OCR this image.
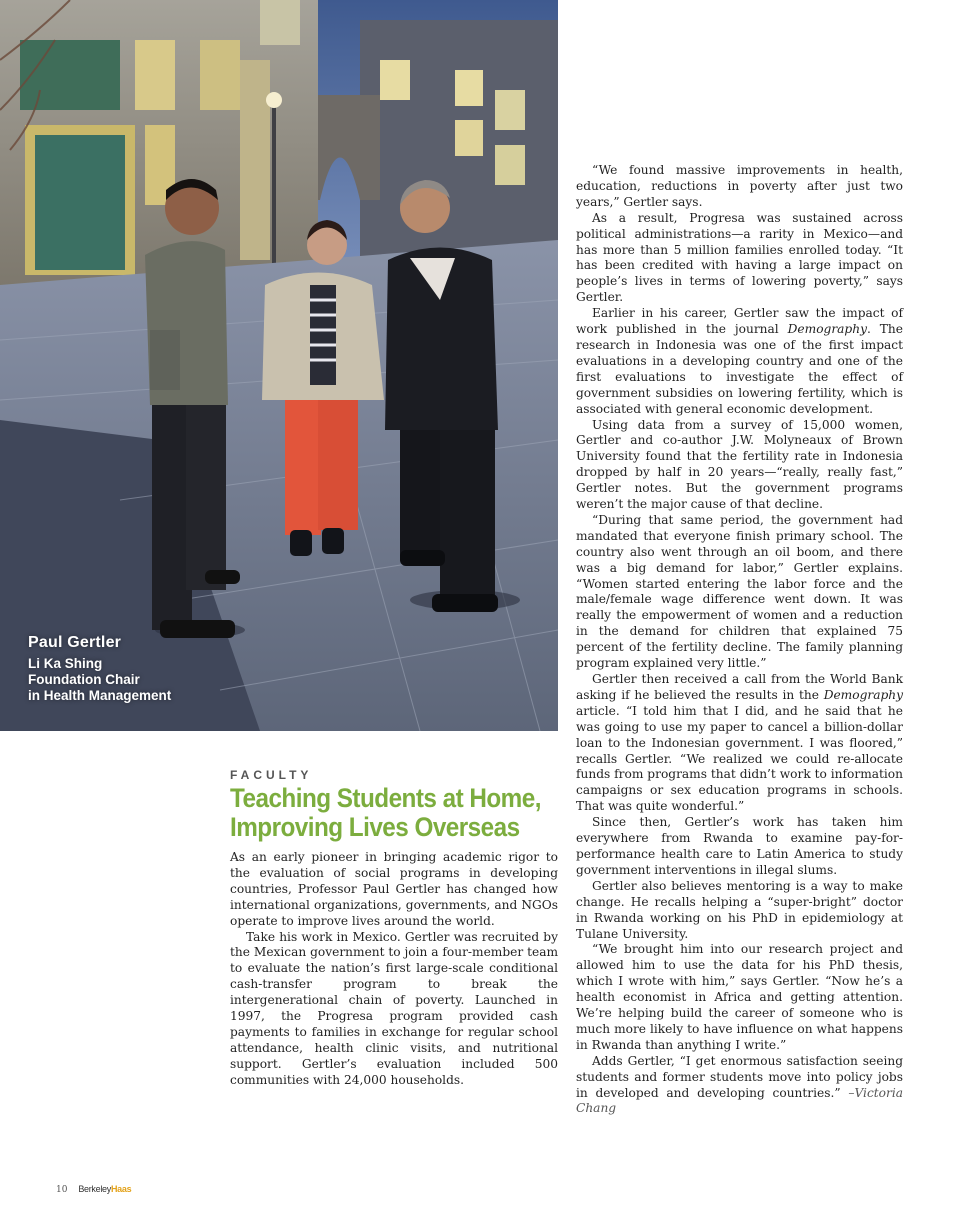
Paul Gertler
Li Ka Shing
Foundation Chair
in Health Management
FACULTY
Teaching Students at Home, Improving Lives Overseas

As an early pioneer in bringing academic rigor to the evaluation of social programs in developing countries, Professor Paul Gertler has changed how international organizations, governments, and NGOs operate to improve lives around the world.

Take his work in Mexico. Gertler was recruited by the Mexican government to join a four-member team to evaluate the nation’s first large-scale conditional cash-transfer program to break the intergenerational chain of poverty. Launched in 1997, the Progresa program provided cash payments to families in exchange for regular school attendance, health clinic visits, and nutritional support. Gertler’s evaluation included 500 communities with 24,000 households.

“We found massive improvements in health, education, reductions in poverty after just two years,” Gertler says.

As a result, Progresa was sustained across political administrations—a rarity in Mexico—and has more than 5 million families enrolled today. “It has been credited with having a large impact on people’s lives in terms of lowering poverty,” says Gertler.

Earlier in his career, Gertler saw the impact of work published in the journal Demography. The research in Indonesia was one of the first impact evaluations in a developing country and one of the first evaluations to investigate the effect of government subsidies on lowering fertility, which is associated with general economic development.

Using data from a survey of 15,000 women, Gertler and co-author J.W. Molyneaux of Brown University found that the fertility rate in Indonesia dropped by half in 20 years—“really, really fast,” Gertler notes. But the government programs weren’t the major cause of that decline.

“During that same period, the government had mandated that everyone finish primary school. The country also went through an oil boom, and there was a big demand for labor,” Gertler explains. “Women started entering the labor force and the male/female wage difference went down. It was really the empowerment of women and a reduction in the demand for children that explained 75 percent of the fertility decline. The family planning program explained very little.”

Gertler then received a call from the World Bank asking if he believed the results in the Demography article. “I told him that I did, and he said that he was going to use my paper to cancel a billion-dollar loan to the Indonesian government. I was floored,” recalls Gertler. “We realized we could re-allocate funds from programs that didn’t work to information campaigns or sex education programs in schools. That was quite wonderful.”

Since then, Gertler’s work has taken him everywhere from Rwanda to examine pay-for-performance health care to Latin America to study government interventions in illegal slums.

Gertler also believes mentoring is a way to make change. He recalls helping a “super-bright” doctor in Rwanda working on his PhD in epidemiology at Tulane University.

“We brought him into our research project and allowed him to use the data for his PhD thesis, which I wrote with him,” says Gertler. “Now he’s a health economist in Africa and getting attention. We’re helping build the career of someone who is much more likely to have influence on what happens in Rwanda than anything I write.”

Adds Gertler, “I get enormous satisfaction seeing students and former students move into policy jobs in developed and developing countries.” –Victoria Chang

10 BerkeleyHaas
